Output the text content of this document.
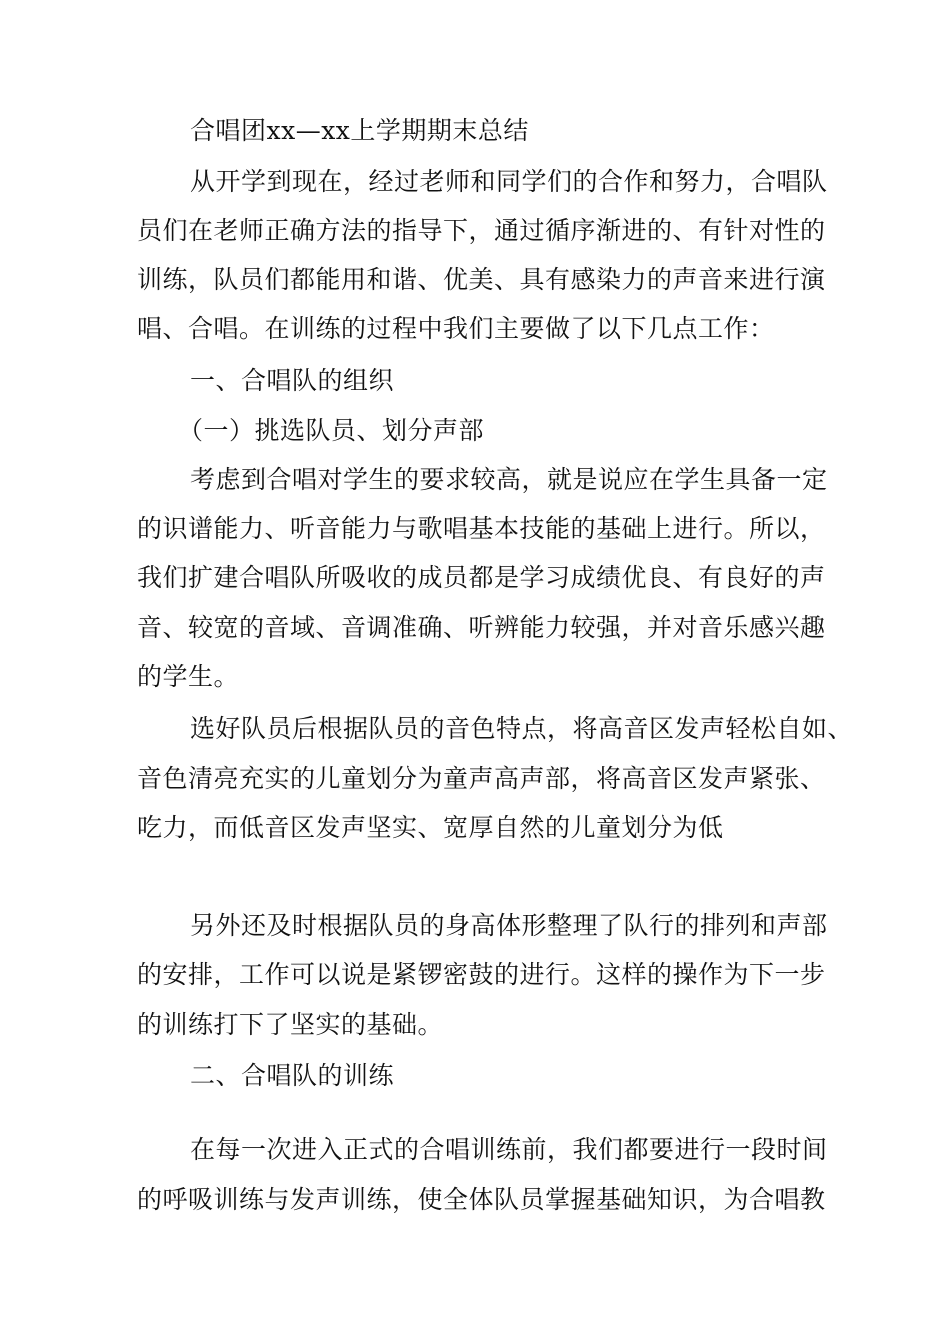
合唱团xx—xx上学期期末总结
从开学到现在，经过老师和同学们的合作和努力，合唱队
员们在老师正确方法的指导下，通过循序渐进的、有针对性的
训练，队员们都能用和谐、优美、具有感染力的声音来进行演
唱、合唱。在训练的过程中我们主要做了以下几点工作：
一、合唱队的组织
（一）挑选队员、划分声部
考虑到合唱对学生的要求较高，就是说应在学生具备一定
的识谱能力、听音能力与歌唱基本技能的基础上进行。所以，
我们扩建合唱队所吸收的成员都是学习成绩优良、有良好的声
音、较宽的音域、音调准确、听辨能力较强，并对音乐感兴趣
的学生。
选好队员后根据队员的音色特点，将高音区发声轻松自如、
音色清亮充实的儿童划分为童声高声部，将高音区发声紧张、
吃力，而低音区发声坚实、宽厚自然的儿童划分为低
另外还及时根据队员的身高体形整理了队行的排列和声部
的安排，工作可以说是紧锣密鼓的进行。这样的操作为下一步
的训练打下了坚实的基础。
二、合唱队的训练
在每一次进入正式的合唱训练前，我们都要进行一段时间
的呼吸训练与发声训练，使全体队员掌握基础知识，为合唱教
